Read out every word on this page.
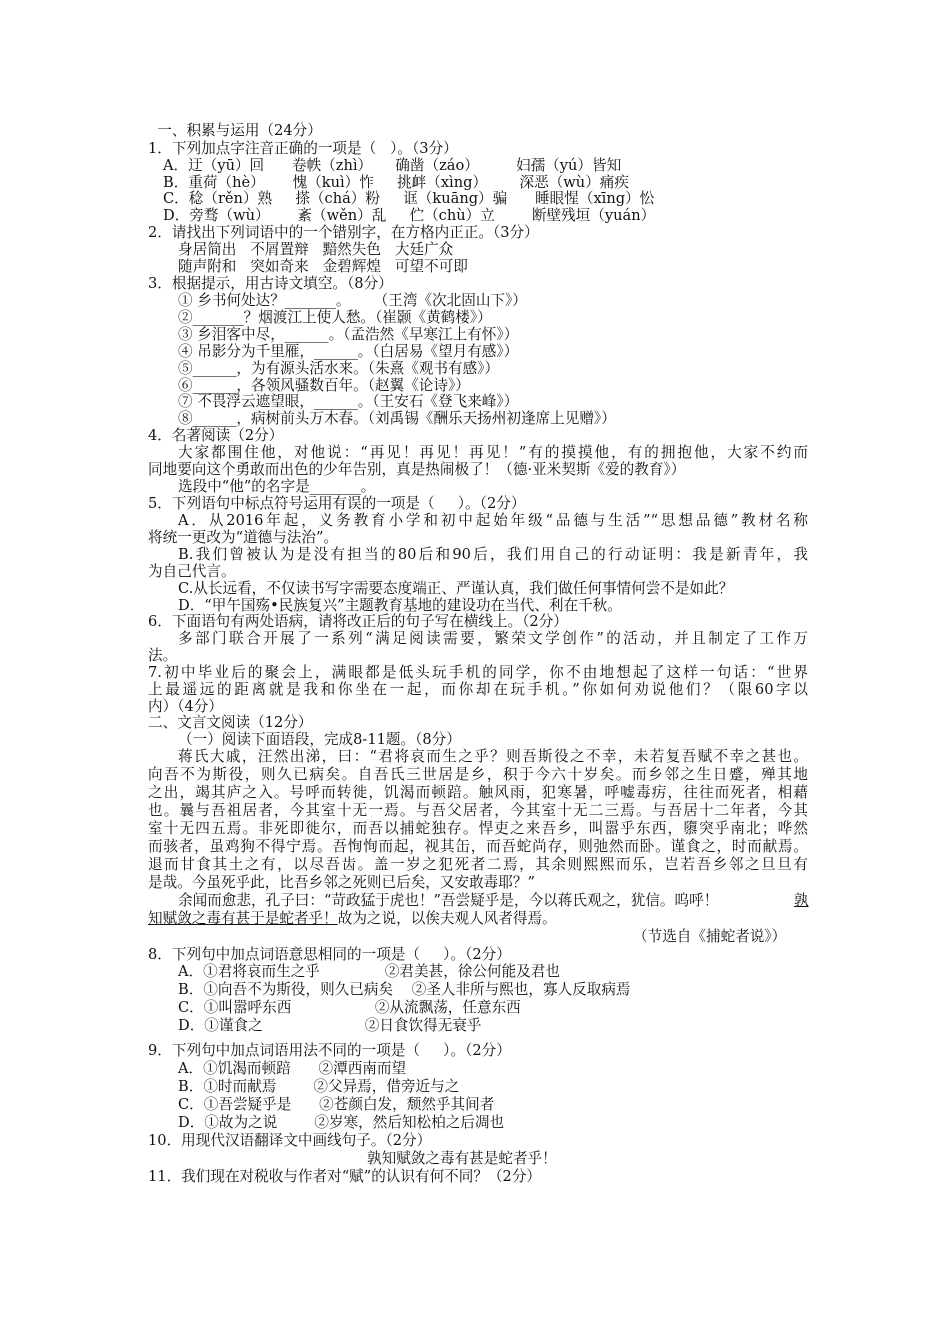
一、积累与运用（24分）

1．下列加点字注音正确的一项是（   ）。（3分）

A．迂（yū）回      卷帙（zhì）     确凿（záo）        妇孺（yú）皆知

B．重荷（hè）      愧（kuì）怍     挑衅（xìng）       深恶（wù）痛疾

C．稔（rěn）熟     搽（chá）粉     诓（kuāng）骗      睡眼惺（xīng）忪

D．旁骛（wù）      紊（wěn）乱     伫（chù）立        断壁残垣（yuán）

2．请找出下列词语中的一个错别字，在方格内正正。（3分）

身居简出   不屑置辩   黯然失色   大廷广众

随声附和   突如奇来   金碧辉煌   可望不可即

3．根据提示，用古诗文填空。（8分）

① 乡书何处达？_______。     （王湾《次北固山下》）

②_______？烟渡江上使人愁。（崔颢《黄鹤楼》）

③ 乡泪客中尽，______。（孟浩然《早寒江上有怀》）

④ 吊影分为千里雁，______。（白居易《望月有感》）

⑤______，为有源头活水来。（朱熹《观书有感》）

⑥______，各领风骚数百年。（赵翼《论诗》）

⑦ 不畏浮云遮望眼，______。（王安石《登飞来峰》）

⑧______，病树前头万木春。（刘禹锡《酬乐天扬州初逢席上见赠》）

4．名著阅读（2分）

大家都围住他，对他说：“再见！再见！再见！”有的摸摸他，有的拥抱他，大家不约而

同地要向这个勇敢而出色的少年告别，真是热闹极了！（德·亚米契斯《爱的教育》）

选段中“他”的名字是_______。

5．下列语句中标点符号运用有误的一项是（     ）。（2分）

A．从2016年起，义务教育小学和初中起始年级“品德与生活”“思想品德”教材名称

将统一更改为“道德与法治”。

B.我们曾被认为是没有担当的80后和90后，我们用自己的行动证明：我是新青年，我

为自己代言。

C.从长远看，不仅读书写字需要态度端正、严谨认真，我们做任何事情何尝不是如此？

D．“甲午国殇•民族复兴”主题教育基地的建设功在当代、利在千秋。

6．下面语句有两处语病，请将改正后的句子写在横线上。（2分）

多部门联合开展了一系列“满足阅读需要，繁荣文学创作”的活动，并且制定了工作万

法。

7.初中毕业后的聚会上，满眼都是低头玩手机的同学，你不由地想起了这样一句话：“世界

上最遥远的距离就是我和你坐在一起，而你却在玩手机。”你如何劝说他们？（限60字以

内）（4分）

二、文言文阅读（12分）

（一）阅读下面语段，完成8-11题。（8分）

蒋氏大戚，汪然出涕，曰：“君将哀而生之乎？则吾斯役之不幸，未若复吾赋不幸之甚也。

向吾不为斯役，则久已病矣。自吾氏三世居是乡，积于今六十岁矣。而乡邻之生日蹙，殚其地

之出，竭其庐之入。号呼而转徙，饥渴而顿踣。触风雨，犯寒暑，呼嘘毒疠，往往而死者，相藉

也。曩与吾祖居者，今其室十无一焉。与吾父居者，今其室十无二三焉。与吾居十二年者，今其

室十无四五焉。非死即徙尔，而吾以捕蛇独存。悍吏之来吾乡，叫嚣乎东西，隳突乎南北；哗然

而骇者，虽鸡狗不得宁焉。吾恂恂而起，视其缶，而吾蛇尚存，则弛然而卧。谨食之，时而献焉。

退而甘食其土之有，以尽吾齿。盖一岁之犯死者二焉，其余则熙熙而乐，岂若吾乡邻之旦旦有

是哉。今虽死乎此，比吾乡邻之死则已后矣，又安敢毒耶？”

余闻而愈悲，孔子曰：“苛政猛于虎也！”吾尝疑乎是，今以蒋氏观之，犹信。呜呼！	孰

知赋敛之毒有甚于是蛇者乎！故为之说，以俟夫观人风者得焉。

（节选自《捕蛇者说》）

8．下列句中加点词语意思相同的一项是（     ）。（2分）

A．①君将哀而生之乎              ②君美甚，徐公何能及君也

B．①向吾不为斯役，则久已病矣    ②圣人非所与熙也，寡人反取病焉

C．①叫嚣呼东西                  ②从流飘荡，任意东西

D．①谨食之                      ②日食饮得无衰乎

9．下列句中加点词语用法不同的一项是（     ）。（2分）

A．①饥渴而顿踣      ②潭西南而望

B．①时而献焉        ②父异焉，借旁近与之

C．①吾尝疑乎是      ②苍颜白发，颓然乎其间者

D．①故为之说        ②岁寒，然后知松柏之后凋也

10．用现代汉语翻译文中画线句子。（2分）

孰知赋敛之毒有甚是蛇者乎！

11．我们现在对税收与作者对“赋”的认识有何不同？（2分）
